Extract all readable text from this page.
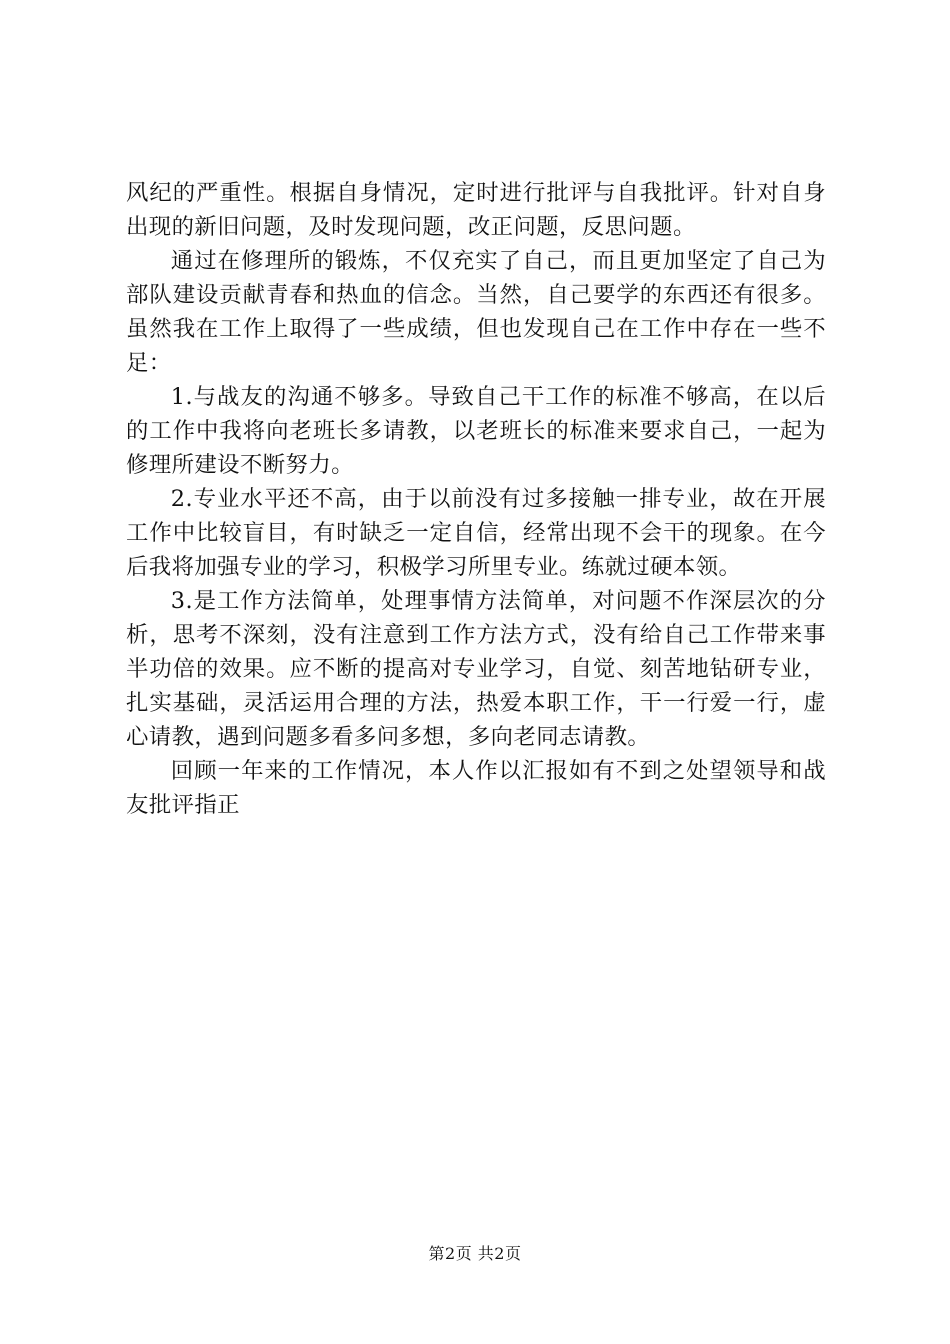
风纪的严重性。根据自身情况，定时进行批评与自我批评。针对自身出现的新旧问题，及时发现问题，改正问题，反思问题。

通过在修理所的锻炼，不仅充实了自己，而且更加坚定了自己为部队建设贡献青春和热血的信念。当然，自己要学的东西还有很多。虽然我在工作上取得了一些成绩，但也发现自己在工作中存在一些不足：

1.与战友的沟通不够多。导致自己干工作的标准不够高，在以后的工作中我将向老班长多请教，以老班长的标准来要求自己，一起为修理所建设不断努力。

2.专业水平还不高，由于以前没有过多接触一排专业，故在开展工作中比较盲目，有时缺乏一定自信，经常出现不会干的现象。在今后我将加强专业的学习，积极学习所里专业。练就过硬本领。

3.是工作方法简单，处理事情方法简单，对问题不作深层次的分析，思考不深刻，没有注意到工作方法方式，没有给自己工作带来事半功倍的效果。应不断的提高对专业学习，自觉、刻苦地钻研专业，扎实基础，灵活运用合理的方法，热爱本职工作，干一行爱一行，虚心请教，遇到问题多看多问多想，多向老同志请教。

回顾一年来的工作情况，本人作以汇报如有不到之处望领导和战友批评指正

第2页 共2页
